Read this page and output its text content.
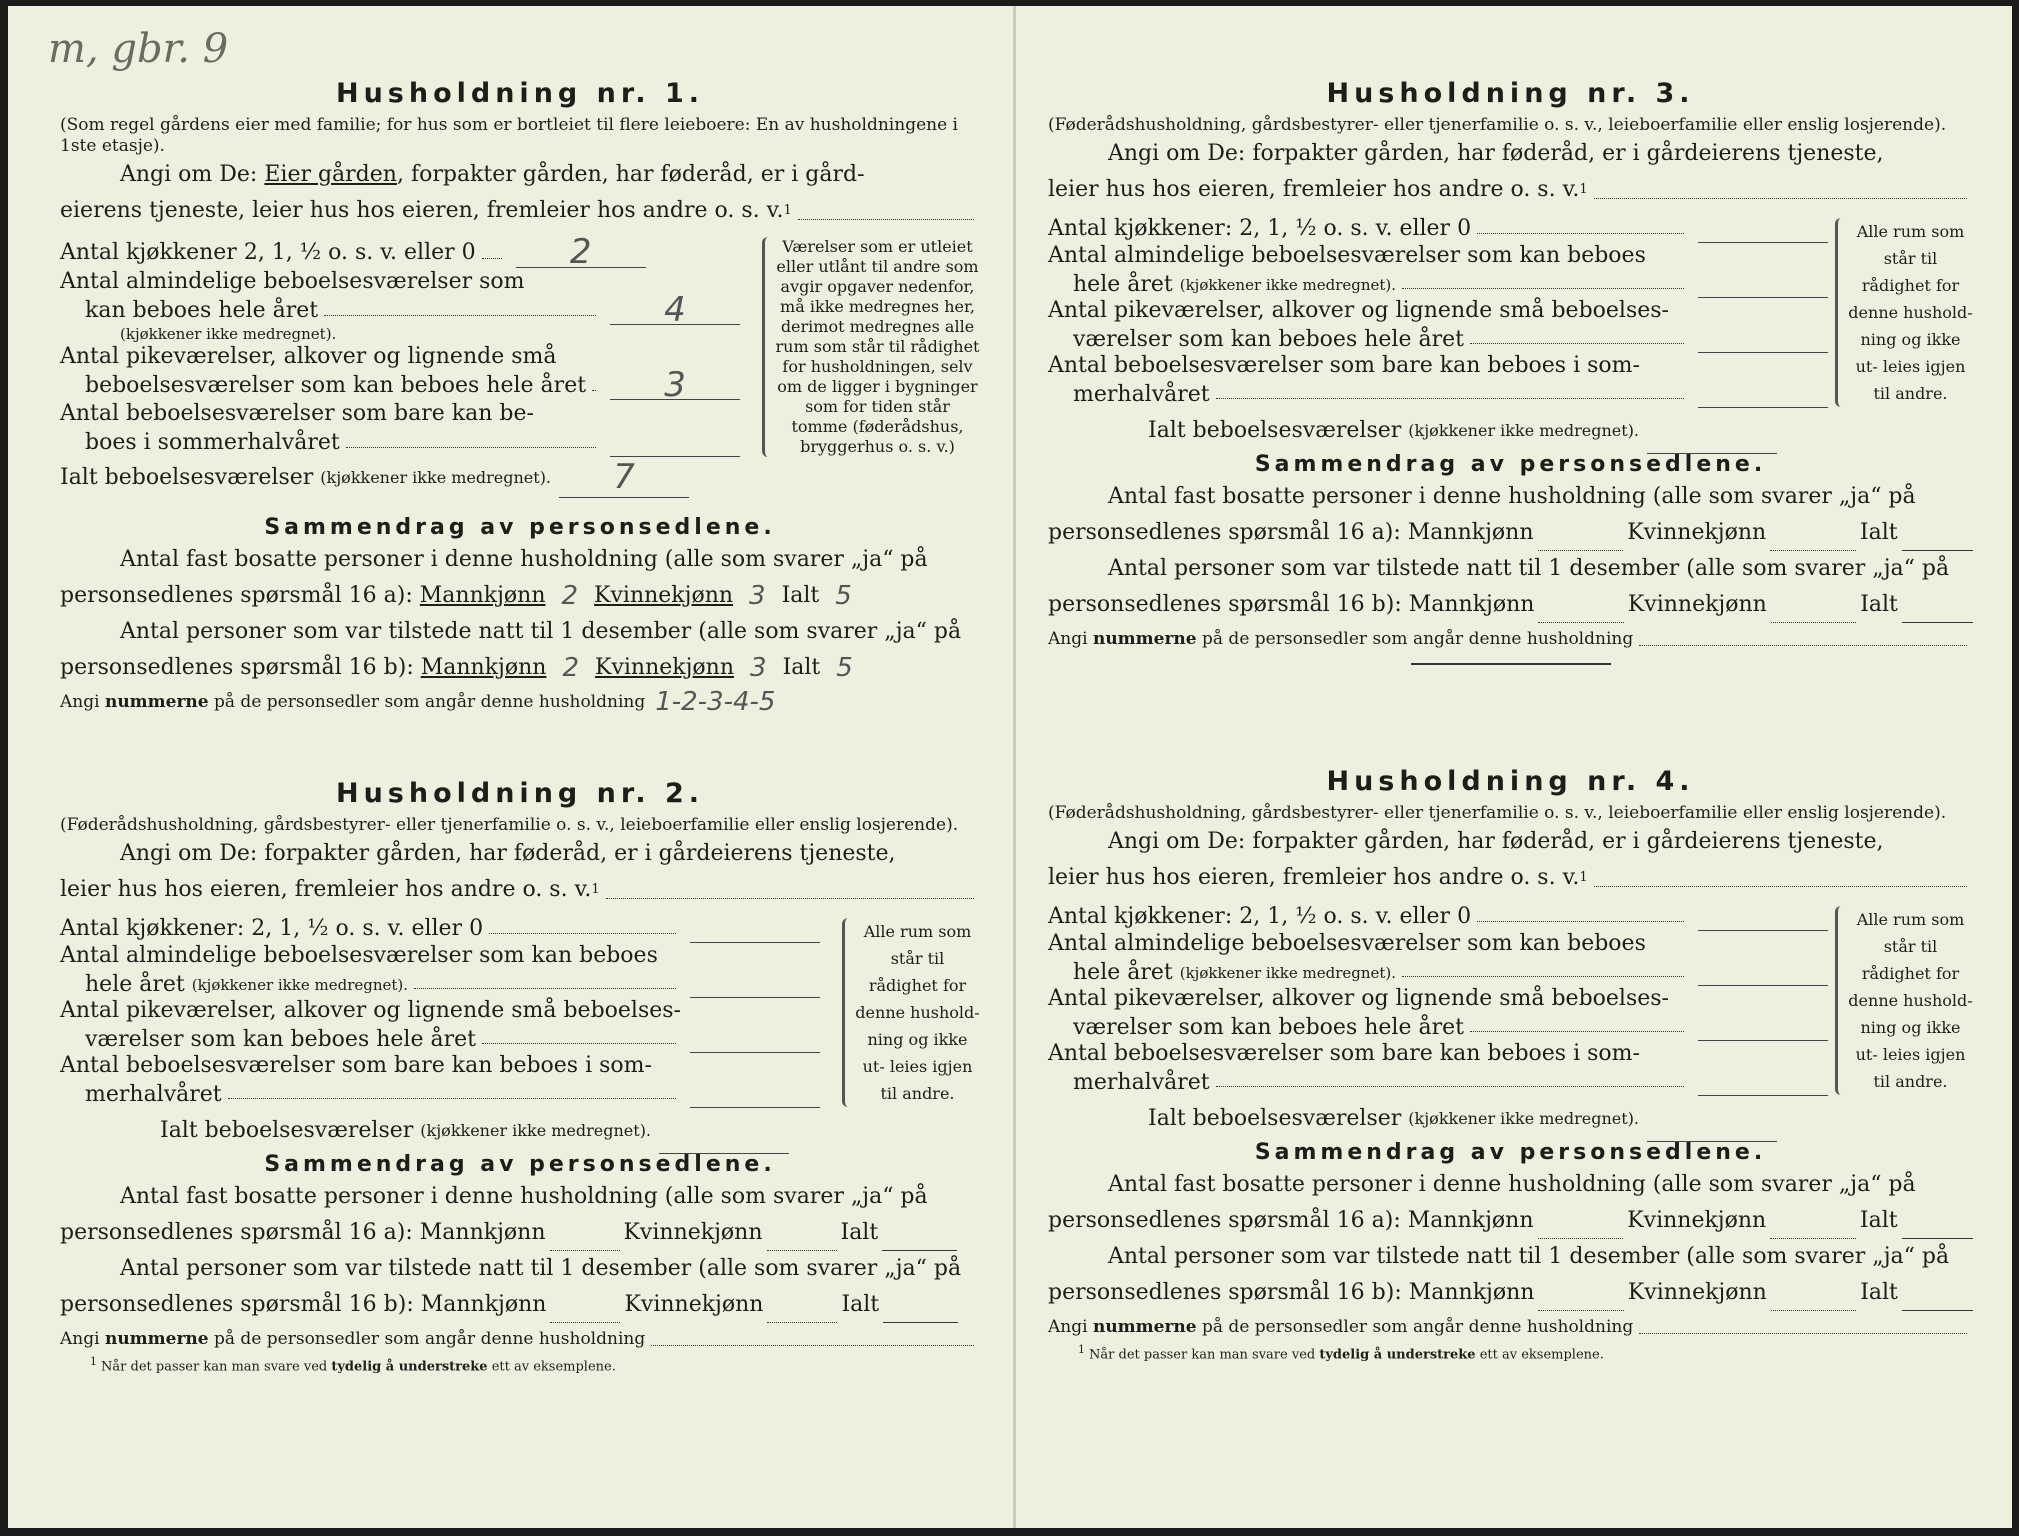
m, gbr. 9
Husholdning nr. 1.
(Som regel gårdens eier med familie; for hus som er bortleiet til flere leieboere: En av husholdningene i 1ste etasje).
Angi om De: Eier gården, forpakter gården, har føderåd, er i gård-
eierens tjeneste, leier hus hos eieren, fremleier hos andre o. s. v. 1
Antal kjøkkener 2, 1, ½ o. s. v. eller 0	2
Antal almindelige beboelsesværelser som
kan beboes hele året	4
(kjøkkener ikke medregnet).
Antal pikeværelser, alkover og lignende små
beboelsesværelser som kan beboes hele året	3
Antal beboelsesværelser som bare kan be-
boes i sommerhalvåret
Ialt beboelsesværelser
(kjøkkener ikke medregnet).	7
Værelser som er utleiet eller utlånt til andre som avgir opgaver nedenfor, må ikke medregnes her, derimot medregnes alle rum som står til rådighet for husholdningen, selv om de ligger i bygninger som for tiden står tomme (føderådshus, bryggerhus o. s. v.)
Sammendrag av personsedlene.
Antal fast bosatte personer i denne husholdning (alle som svarer „ja“ på
personsedlenes spørsmål 16 a):
Mannkjønn 2 Kvinnekjønn 3 Ialt 5
Antal personer som var tilstede natt til 1 desember (alle som svarer „ja“ på
personsedlenes spørsmål 16 b):
Mannkjønn 2 Kvinnekjønn 3 Ialt 5
Angi
nummerne
på de personsedler som angår denne husholdning 1-2-3-4-5
Husholdning nr. 2.
(Føderådshusholdning, gårdsbestyrer- eller tjenerfamilie o. s. v., leieboerfamilie eller enslig losjerende).
Angi om De: forpakter gården, har føderåd, er i gårdeierens tjeneste,
leier hus hos eieren, fremleier hos andre o. s. v. 1
Antal kjøkkener: 2, 1, ½ o. s. v. eller 0
Antal almindelige beboelsesværelser som kan beboes
hele året
(kjøkkener ikke medregnet).
Antal pikeværelser, alkover og lignende små beboelses-
værelser som kan beboes hele året
Antal beboelsesværelser som bare kan beboes i som-
merhalvåret
Ialt beboelsesværelser
(kjøkkener ikke medregnet).
Alle rum som står til rådighet for denne hushold- ning og ikke ut- leies igjen til andre.
Sammendrag av personsedlene.
Antal fast bosatte personer i denne husholdning (alle som svarer „ja“ på
personsedlenes spørsmål 16 a):
Mannkjønn	Kvinnekjønn	Ialt
Antal personer som var tilstede natt til 1 desember (alle som svarer „ja“ på
personsedlenes spørsmål 16 b):
Mannkjønn	Kvinnekjønn	Ialt
Angi
nummerne
på de personsedler som angår denne husholdning
$^1$ Når det passer kan man svare ved tydelig å understreke ett av eksemplene.
Husholdning nr. 3.
(Føderådshusholdning, gårdsbestyrer- eller tjenerfamilie o. s. v., leieboerfamilie eller enslig losjerende).
Angi om De: forpakter gården, har føderåd, er i gårdeierens tjeneste,
leier hus hos eieren, fremleier hos andre o. s. v. 1
Antal kjøkkener: 2, 1, ½ o. s. v. eller 0
Antal almindelige beboelsesværelser som kan beboes
hele året
(kjøkkener ikke medregnet).
Antal pikeværelser, alkover og lignende små beboelses-
værelser som kan beboes hele året
Antal beboelsesværelser som bare kan beboes i som-
merhalvåret
Ialt beboelsesværelser
(kjøkkener ikke medregnet).
Alle rum som står til rådighet for denne hushold- ning og ikke ut- leies igjen til andre.
Sammendrag av personsedlene.
Antal fast bosatte personer i denne husholdning (alle som svarer „ja“ på
personsedlenes spørsmål 16 a):
Mannkjønn	Kvinnekjønn	Ialt
Antal personer som var tilstede natt til 1 desember (alle som svarer „ja“ på
personsedlenes spørsmål 16 b):
Mannkjønn	Kvinnekjønn	Ialt
Angi
nummerne
på de personsedler som angår denne husholdning
Husholdning nr. 4.
(Føderådshusholdning, gårdsbestyrer- eller tjenerfamilie o. s. v., leieboerfamilie eller enslig losjerende).
Angi om De: forpakter gården, har føderåd, er i gårdeierens tjeneste,
leier hus hos eieren, fremleier hos andre o. s. v. 1
Antal kjøkkener: 2, 1, ½ o. s. v. eller 0
Antal almindelige beboelsesværelser som kan beboes
hele året
(kjøkkener ikke medregnet).
Antal pikeværelser, alkover og lignende små beboelses-
værelser som kan beboes hele året
Antal beboelsesværelser som bare kan beboes i som-
merhalvåret
Ialt beboelsesværelser
(kjøkkener ikke medregnet).
Alle rum som står til rådighet for denne hushold- ning og ikke ut- leies igjen til andre.
Sammendrag av personsedlene.
Antal fast bosatte personer i denne husholdning (alle som svarer „ja“ på
personsedlenes spørsmål 16 a):
Mannkjønn	Kvinnekjønn	Ialt
Antal personer som var tilstede natt til 1 desember (alle som svarer „ja“ på
personsedlenes spørsmål 16 b):
Mannkjønn	Kvinnekjønn	Ialt
Angi
nummerne
på de personsedler som angår denne husholdning
$^1$ Når det passer kan man svare ved tydelig å understreke ett av eksemplene.
